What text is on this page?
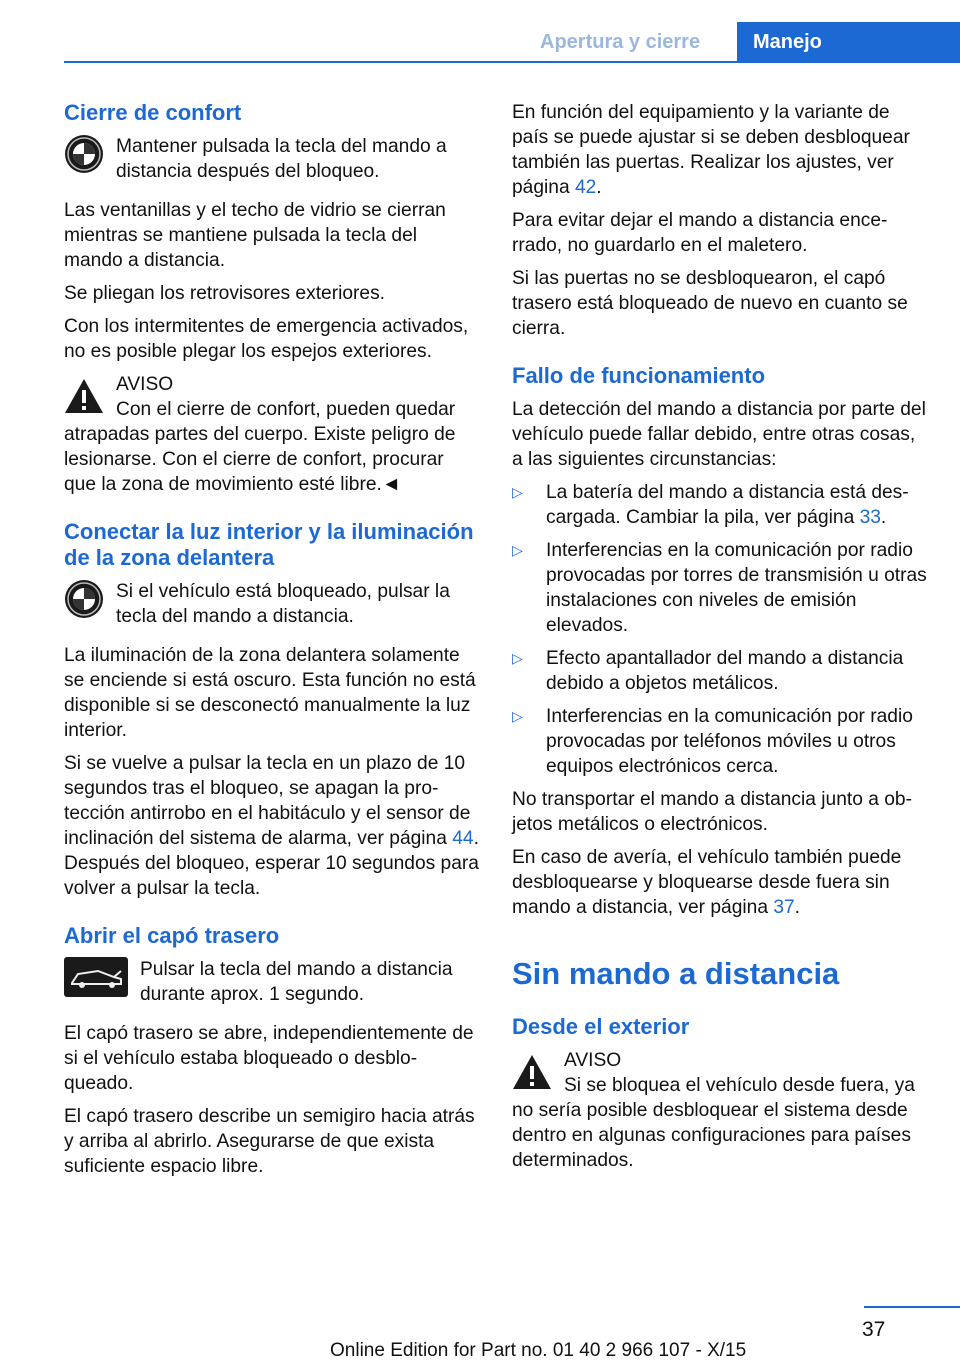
Apertura y cierre	Manejo
Cierre de confort
Mantener pulsada la tecla del mando a distancia después del bloqueo.

Las ventanillas y el techo de vidrio se cierran mientras se mantiene pulsada la tecla del mando a distancia.

Se pliegan los retrovisores exteriores.

Con los intermitentes de emergencia activados, no es posible plegar los espejos exteriores.

AVISO
Con el cierre de confort, pueden quedar

atrapadas partes del cuerpo. Existe peligro de lesionarse. Con el cierre de confort, procurar que la zona de movimiento esté libre.◄

Conectar la luz interior y la iluminación de la zona delantera
Si el vehículo está bloqueado, pulsar la tecla del mando a distancia.

La iluminación de la zona delantera solamente se enciende si está oscuro. Esta función no está disponible si se desconectó manualmente la luz interior.

Si se vuelve a pulsar la tecla en un plazo de 10 segundos tras el bloqueo, se apagan la protección antirrobo en el habitáculo y el sensor de inclinación del sistema de alarma, ver página 44. Después del bloqueo, esperar 10 segundos para volver a pulsar la tecla.

Abrir el capó trasero
Pulsar la tecla del mando a distancia durante aprox. 1 segundo.

El capó trasero se abre, independientemente de si el vehículo estaba bloqueado o desbloqueado.

El capó trasero describe un semigiro hacia atrás y arriba al abrirlo. Asegurarse de que exista suficiente espacio libre.

En función del equipamiento y la variante de país se puede ajustar si se deben desbloquear también las puertas. Realizar los ajustes, ver página 42.

Para evitar dejar el mando a distancia encerrado, no guardarlo en el maletero.

Si las puertas no se desbloquearon, el capó trasero está bloqueado de nuevo en cuanto se cierra.

Fallo de funcionamiento

La detección del mando a distancia por parte del vehículo puede fallar debido, entre otras cosas, a las siguientes circunstancias:

▷ La batería del mando a distancia está descargada. Cambiar la pila, ver página 33.
▷ Interferencias en la comunicación por radio provocadas por torres de transmisión u otras instalaciones con niveles de emisión elevados.
▷ Efecto apantallador del mando a distancia debido a objetos metálicos.
▷ Interferencias en la comunicación por radio provocadas por teléfonos móviles u otros equipos electrónicos cerca.

No transportar el mando a distancia junto a objetos metálicos o electrónicos.

En caso de avería, el vehículo también puede desbloquearse y bloquearse desde fuera sin mando a distancia, ver página 37.

Sin mando a distancia
Desde el exterior
AVISO
Si se bloquea el vehículo desde fuera, ya

no sería posible desbloquear el sistema desde dentro en algunas configuraciones para países determinados.

37
Online Edition for Part no. 01 40 2 966 107 - X/15
